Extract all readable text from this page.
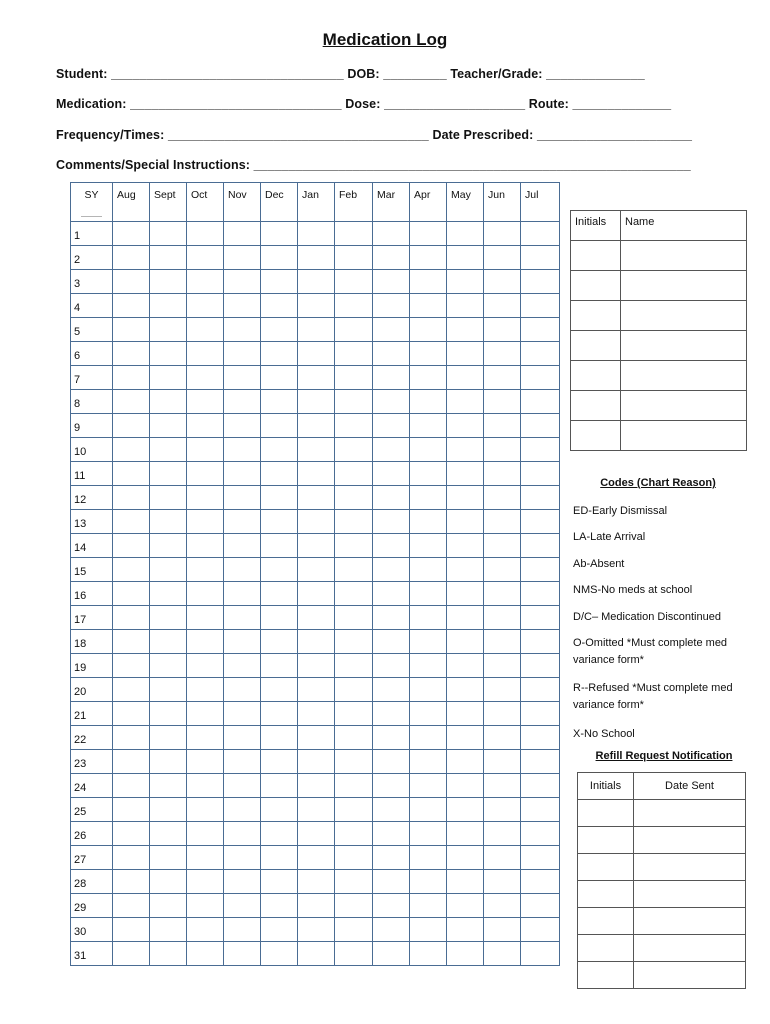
Medication Log
Student: _________________________________ DOB: _________ Teacher/Grade: ______________
Medication: ______________________________ Dose: ____________________ Route: ______________
Frequency/Times: _____________________________________ Date Prescribed: ______________________
Comments/Special Instructions: ______________________________________________________________
SY	Aug	Sept	Oct	Nov	Dec	Jan	Feb	Mar	Apr	May	Jun	Jul
1												
2												
3												
4												
5												
6												
7												
8												
9												
10												
11												
12												
13												
14												
15												
16												
17												
18												
19												
20												
21												
22												
23												
24												
25												
26												
27												
28												
29												
30												
31												
Initials	Name

Codes (Chart Reason)
ED-Early Dismissal
LA-Late Arrival
Ab-Absent
NMS-No meds at school
D/C– Medication Discontinued
O-Omitted *Must complete med variance form*
R--Refused *Must complete med variance form*
X-No School
Refill Request Notification
Initials	Date Sent
